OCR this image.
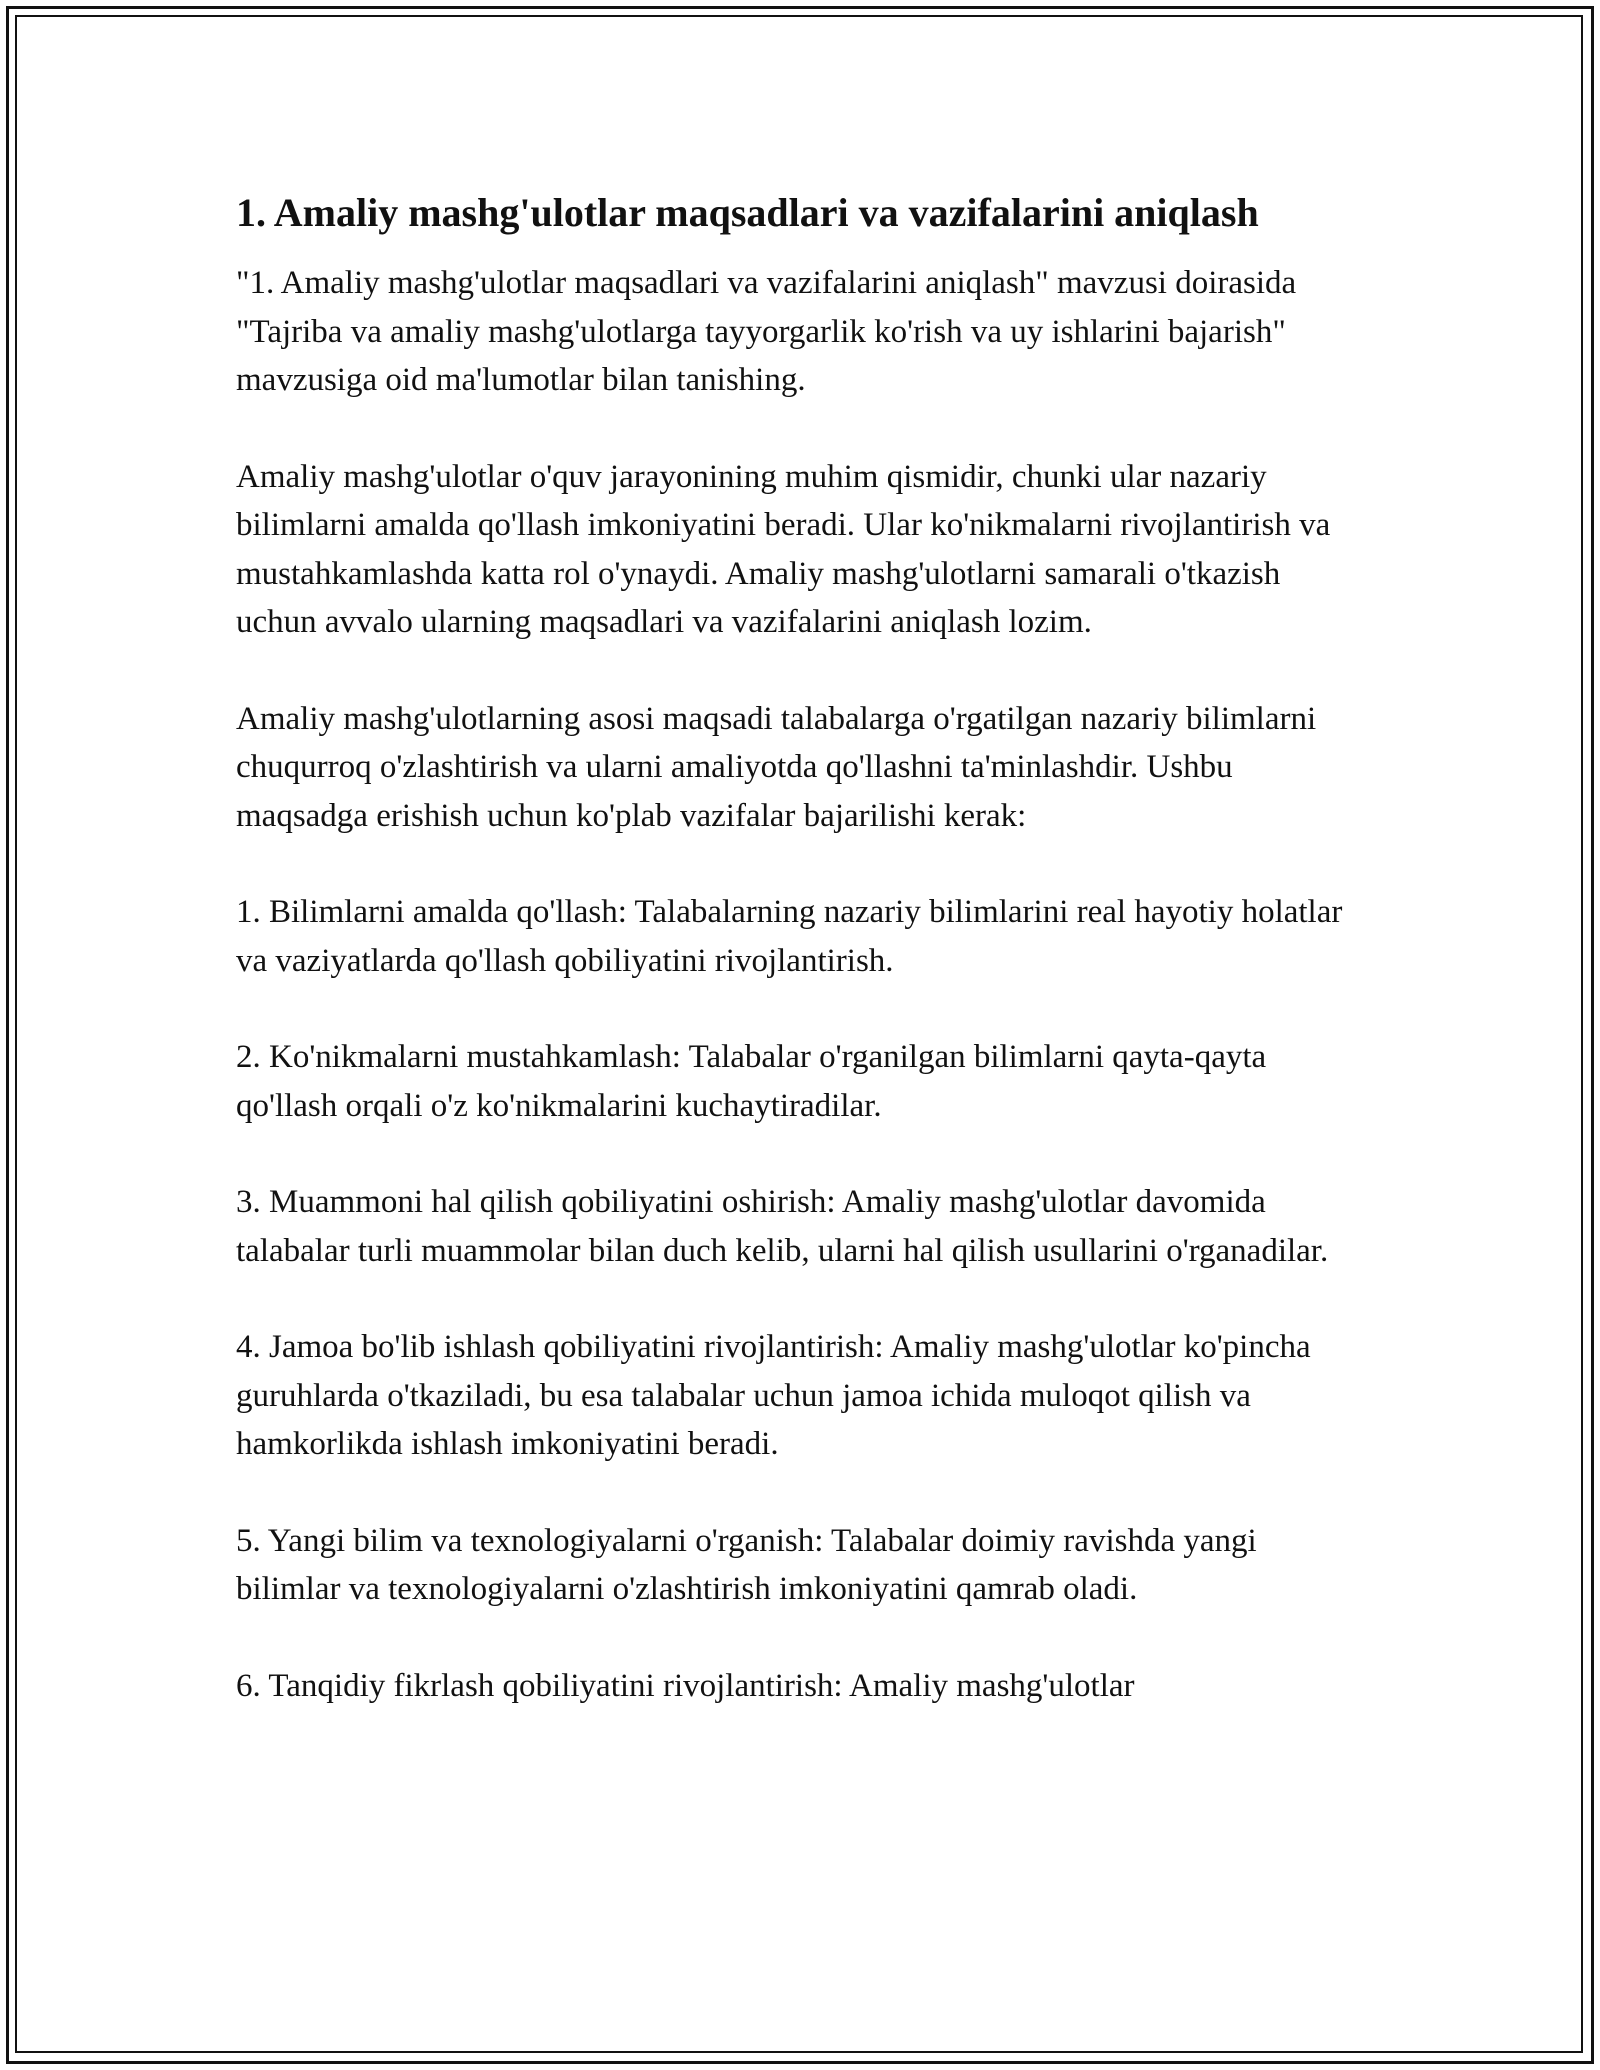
1. Amaliy mashg'ulotlar maqsadlari va vazifalarini aniqlash

"1. Amaliy mashg'ulotlar maqsadlari va vazifalarini aniqlash" mavzusi doirasida "Tajriba va amaliy mashg'ulotlarga tayyorgarlik ko'rish va uy ishlarini bajarish" mavzusiga oid ma'lumotlar bilan tanishing.

Amaliy mashg'ulotlar o'quv jarayonining muhim qismidir, chunki ular nazariy bilimlarni amalda qo'llash imkoniyatini beradi. Ular ko'nikmalarni rivojlantirish va mustahkamlashda katta rol o'ynaydi. Amaliy mashg'ulotlarni samarali o'tkazish uchun avvalo ularning maqsadlari va vazifalarini aniqlash lozim.

Amaliy mashg'ulotlarning asosi maqsadi talabalarga o'rgatilgan nazariy bilimlarni chuqurroq o'zlashtirish va ularni amaliyotda qo'llashni ta'minlashdir. Ushbu maqsadga erishish uchun ko'plab vazifalar bajarilishi kerak:

1. Bilimlarni amalda qo'llash: Talabalarning nazariy bilimlarini real hayotiy holatlar va vaziyatlarda qo'llash qobiliyatini rivojlantirish.

2. Ko'nikmalarni mustahkamlash: Talabalar o'rganilgan bilimlarni qayta-qayta qo'llash orqali o'z ko'nikmalarini kuchaytiradilar.

3. Muammoni hal qilish qobiliyatini oshirish: Amaliy mashg'ulotlar davomida talabalar turli muammolar bilan duch kelib, ularni hal qilish usullarini o'rganadilar.

4. Jamoa bo'lib ishlash qobiliyatini rivojlantirish: Amaliy mashg'ulotlar ko'pincha guruhlarda o'tkaziladi, bu esa talabalar uchun jamoa ichida muloqot qilish va hamkorlikda ishlash imkoniyatini beradi.

5. Yangi bilim va texnologiyalarni o'rganish: Talabalar doimiy ravishda yangi bilimlar va texnologiyalarni o'zlashtirish imkoniyatini qamrab oladi.

6. Tanqidiy fikrlash qobiliyatini rivojlantirish: Amaliy mashg'ulotlar
